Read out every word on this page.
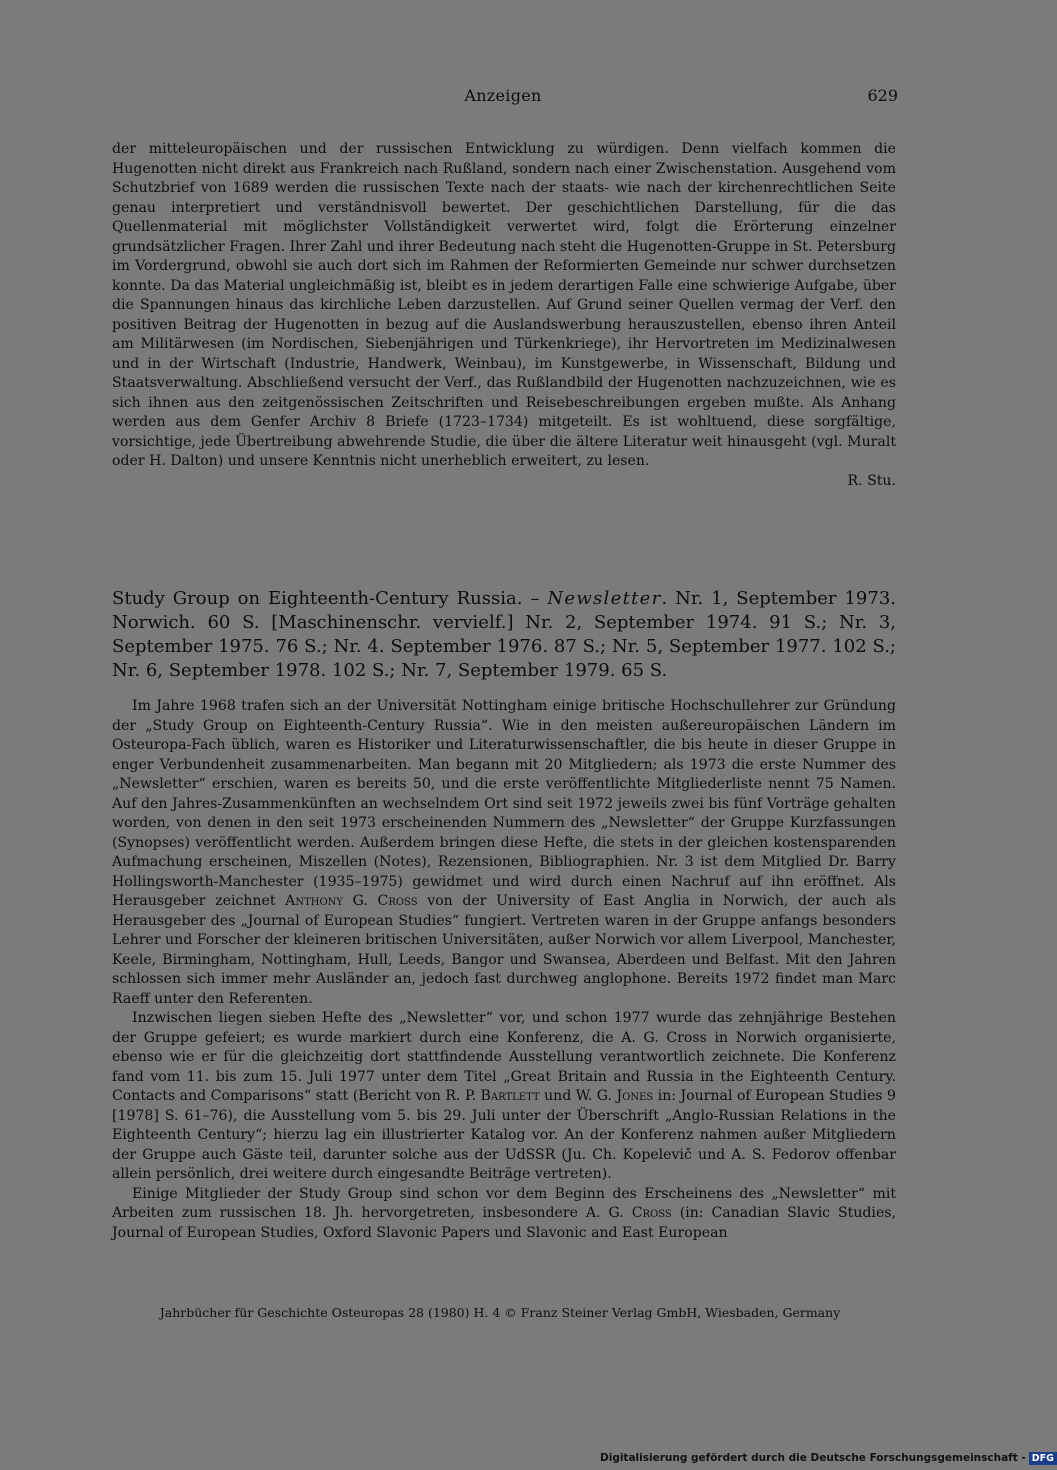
Anzeigen	629

der mitteleuropäischen und der russischen Entwicklung zu würdigen. Denn vielfach kommen die Hugenotten nicht direkt aus Frankreich nach Rußland, sondern nach einer Zwischenstation. Ausgehend vom Schutzbrief von 1689 werden die russischen Texte nach der staats- wie nach der kirchenrechtlichen Seite genau interpretiert und verständnisvoll bewertet. Der geschichtlichen Darstellung, für die das Quellenmaterial mit möglichster Vollständigkeit verwertet wird, folgt die Erörterung einzelner grundsätzlicher Fragen. Ihrer Zahl und ihrer Bedeutung nach steht die Hugenotten-Gruppe in St. Petersburg im Vordergrund, obwohl sie auch dort sich im Rahmen der Reformierten Gemeinde nur schwer durchsetzen konnte. Da das Material ungleichmäßig ist, bleibt es in jedem derartigen Falle eine schwierige Aufgabe, über die Spannungen hinaus das kirchliche Leben darzustellen. Auf Grund seiner Quellen vermag der Verf. den positiven Beitrag der Hugenotten in bezug auf die Auslandswerbung herauszustellen, ebenso ihren Anteil am Militärwesen (im Nordischen, Siebenjährigen und Türkenkriege), ihr Hervortreten im Medizinalwesen und in der Wirtschaft (Industrie, Handwerk, Weinbau), im Kunstgewerbe, in Wissenschaft, Bildung und Staatsverwaltung. Abschließend versucht der Verf., das Rußlandbild der Hugenotten nachzuzeichnen, wie es sich ihnen aus den zeitgenössischen Zeitschriften und Reisebeschreibungen ergeben mußte. Als Anhang werden aus dem Genfer Archiv 8 Briefe (1723–1734) mitgeteilt. Es ist wohltuend, diese sorgfältige, vorsichtige, jede Übertreibung abwehrende Studie, die über die ältere Literatur weit hinausgeht (vgl. Muralt oder H. Dalton) und unsere Kenntnis nicht unerheblich erweitert, zu lesen.

R. Stu.

Study Group on Eighteenth-Century Russia. – Newsletter. Nr. 1, September 1973. Norwich. 60 S. [Maschinenschr. vervielf.] Nr. 2, September 1974. 91 S.; Nr. 3, September 1975. 76 S.; Nr. 4. September 1976. 87 S.; Nr. 5, September 1977. 102 S.; Nr. 6, September 1978. 102 S.; Nr. 7, September 1979. 65 S.

Im Jahre 1968 trafen sich an der Universität Nottingham einige britische Hochschullehrer zur Gründung der „Study Group on Eighteenth-Century Russia“. Wie in den meisten außereuropäischen Ländern im Osteuropa-Fach üblich, waren es Historiker und Literaturwissenschaftler, die bis heute in dieser Gruppe in enger Verbundenheit zusammenarbeiten. Man begann mit 20 Mitgliedern; als 1973 die erste Nummer des „Newsletter“ erschien, waren es bereits 50, und die erste veröffentlichte Mitgliederliste nennt 75 Namen. Auf den Jahres-Zusammenkünften an wechselndem Ort sind seit 1972 jeweils zwei bis fünf Vorträge gehalten worden, von denen in den seit 1973 erscheinenden Nummern des „Newsletter“ der Gruppe Kurzfassungen (Synopses) veröffentlicht werden. Außerdem bringen diese Hefte, die stets in der gleichen kostensparenden Aufmachung erscheinen, Miszellen (Notes), Rezensionen, Bibliographien. Nr. 3 ist dem Mitglied Dr. Barry Hollingsworth-Manchester (1935–1975) gewidmet und wird durch einen Nachruf auf ihn eröffnet. Als Herausgeber zeichnet Anthony G. Cross von der University of East Anglia in Norwich, der auch als Herausgeber des „Journal of European Studies“ fungiert. Vertreten waren in der Gruppe anfangs besonders Lehrer und Forscher der kleineren britischen Universitäten, außer Norwich vor allem Liverpool, Manchester, Keele, Birmingham, Nottingham, Hull, Leeds, Bangor und Swansea, Aberdeen und Belfast. Mit den Jahren schlossen sich immer mehr Ausländer an, jedoch fast durchweg anglophone. Bereits 1972 findet man Marc Raeff unter den Referenten.

Inzwischen liegen sieben Hefte des „Newsletter“ vor, und schon 1977 wurde das zehnjährige Bestehen der Gruppe gefeiert; es wurde markiert durch eine Konferenz, die A. G. Cross in Norwich organisierte, ebenso wie er für die gleichzeitig dort stattfindende Ausstellung verantwortlich zeichnete. Die Konferenz fand vom 11. bis zum 15. Juli 1977 unter dem Titel „Great Britain and Russia in the Eighteenth Century. Contacts and Comparisons“ statt (Bericht von R. P. Bartlett und W. G. Jones in: Journal of European Studies 9 [1978] S. 61–76), die Ausstellung vom 5. bis 29. Juli unter der Überschrift „Anglo-Russian Relations in the Eighteenth Century“; hierzu lag ein illustrierter Katalog vor. An der Konferenz nahmen außer Mitgliedern der Gruppe auch Gäste teil, darunter solche aus der UdSSR (Ju. Ch. Kopelevič und A. S. Fedorov offenbar allein persönlich, drei weitere durch eingesandte Beiträge vertreten).

Einige Mitglieder der Study Group sind schon vor dem Beginn des Erscheinens des „Newsletter“ mit Arbeiten zum russischen 18. Jh. hervorgetreten, insbesondere A. G. Cross (in: Canadian Slavic Studies, Journal of European Studies, Oxford Slavonic Papers und Slavonic and East European

Jahrbücher für Geschichte Osteuropas 28 (1980) H. 4 © Franz Steiner Verlag GmbH, Wiesbaden, Germany
Digitalisierung gefördert durch die Deutsche Forschungsgemeinschaft - DFG
